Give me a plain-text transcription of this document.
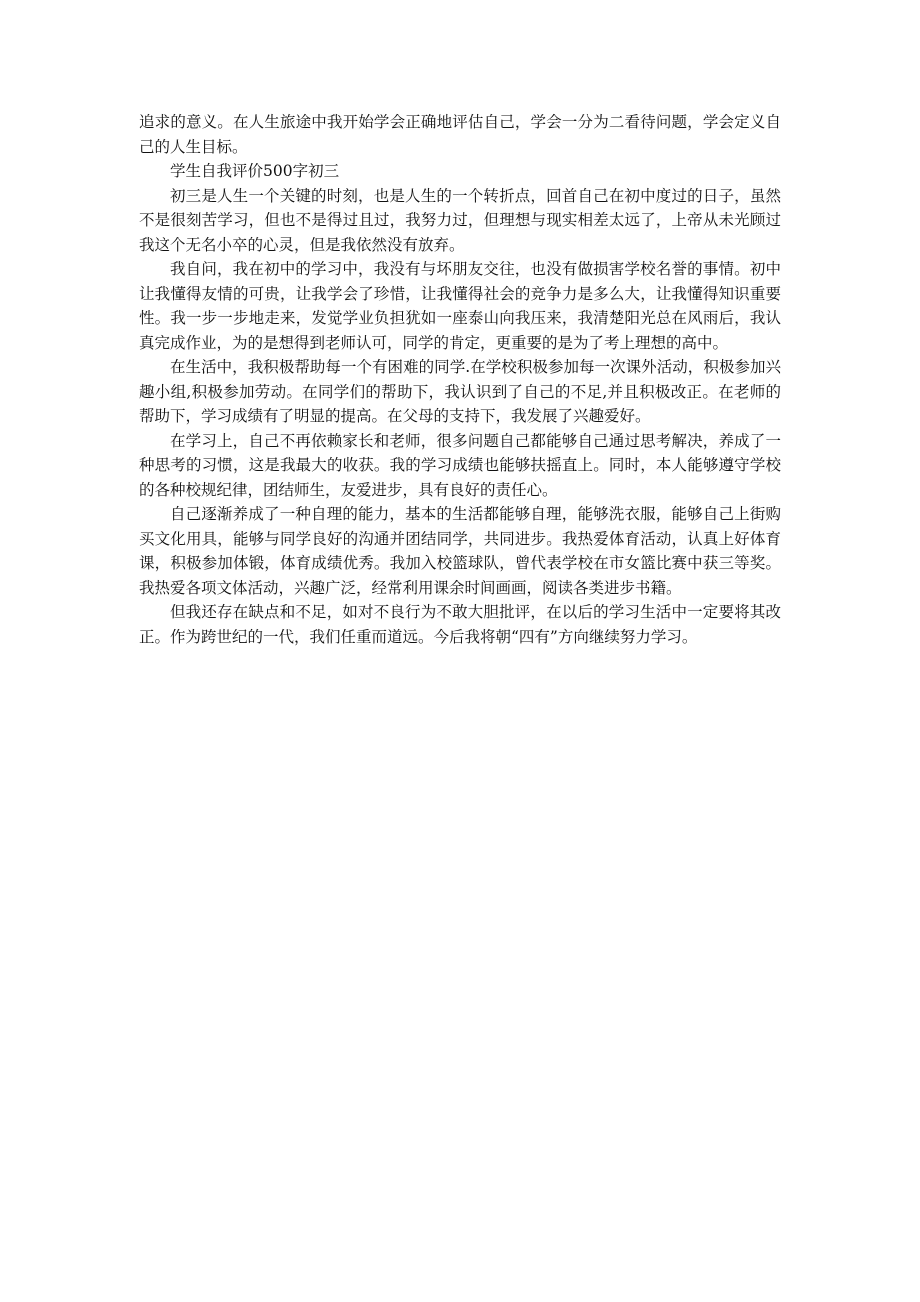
追求的意义。在人生旅途中我开始学会正确地评估自己，学会一分为二看待问题，学会定义自己的人生目标。

学生自我评价500字初三

初三是人生一个关键的时刻，也是人生的一个转折点，回首自己在初中度过的日子，虽然不是很刻苦学习，但也不是得过且过，我努力过，但理想与现实相差太远了，上帝从未光顾过我这个无名小卒的心灵，但是我依然没有放弃。

我自问，我在初中的学习中，我没有与坏朋友交往，也没有做损害学校名誉的事情。初中让我懂得友情的可贵，让我学会了珍惜，让我懂得社会的竞争力是多么大，让我懂得知识重要性。我一步一步地走来，发觉学业负担犹如一座泰山向我压来，我清楚阳光总在风雨后，我认真完成作业，为的是想得到老师认可，同学的肯定，更重要的是为了考上理想的高中。

在生活中，我积极帮助每一个有困难的同学.在学校积极参加每一次课外活动，积极参加兴趣小组,积极参加劳动。在同学们的帮助下，我认识到了自己的不足,并且积极改正。在老师的帮助下，学习成绩有了明显的提高。在父母的支持下，我发展了兴趣爱好。

在学习上，自己不再依赖家长和老师，很多问题自己都能够自己通过思考解决，养成了一种思考的习惯，这是我最大的收获。我的学习成绩也能够扶摇直上。同时，本人能够遵守学校的各种校规纪律，团结师生，友爱进步，具有良好的责任心。

自己逐渐养成了一种自理的能力，基本的生活都能够自理，能够洗衣服，能够自己上街购买文化用具，能够与同学良好的沟通并团结同学，共同进步。我热爱体育活动，认真上好体育课，积极参加体锻，体育成绩优秀。我加入校篮球队，曾代表学校在市女篮比赛中获三等奖。我热爱各项文体活动，兴趣广泛，经常利用课余时间画画，阅读各类进步书籍。

但我还存在缺点和不足，如对不良行为不敢大胆批评，在以后的学习生活中一定要将其改正。作为跨世纪的一代，我们任重而道远。今后我将朝“四有”方向继续努力学习。
